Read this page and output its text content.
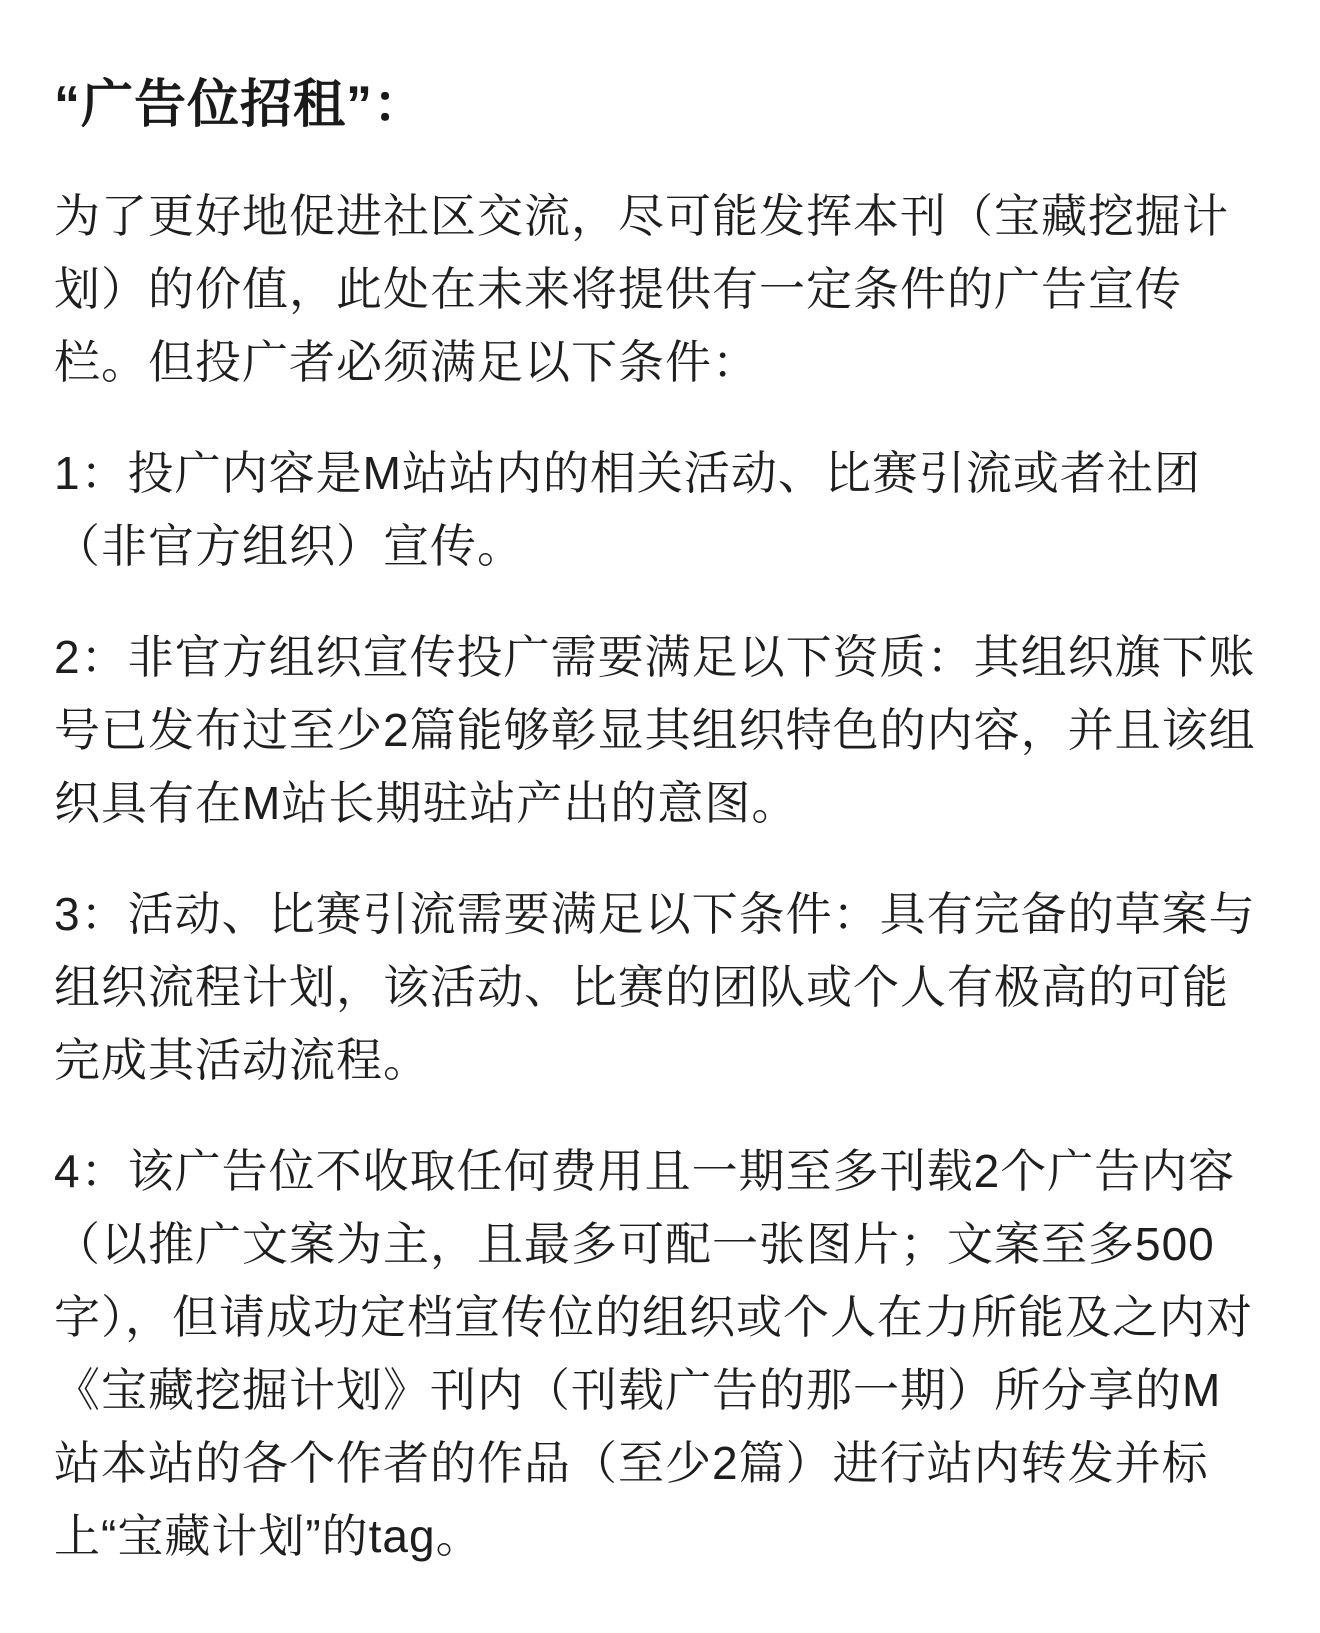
“广告位招租”：

为了更好地促进社区交流，尽可能发挥本刊（宝藏挖掘计划）的价值，此处在未来将提供有一定条件的广告宣传栏。但投广者必须满足以下条件：

1：投广内容是M站站内的相关活动、比赛引流或者社团（非官方组织）宣传。

2：非官方组织宣传投广需要满足以下资质：其组织旗下账号已发布过至少2篇能够彰显其组织特色的内容，并且该组织具有在M站长期驻站产出的意图。

3：活动、比赛引流需要满足以下条件：具有完备的草案与组织流程计划，该活动、比赛的团队或个人有极高的可能完成其活动流程。

4：该广告位不收取任何费用且一期至多刊载2个广告内容（以推广文案为主，且最多可配一张图片；文案至多500字），但请成功定档宣传位的组织或个人在力所能及之内对《宝藏挖掘计划》刊内（刊载广告的那一期）所分享的M站本站的各个作者的作品（至少2篇）进行站内转发并标上“宝藏计划”的tag。
